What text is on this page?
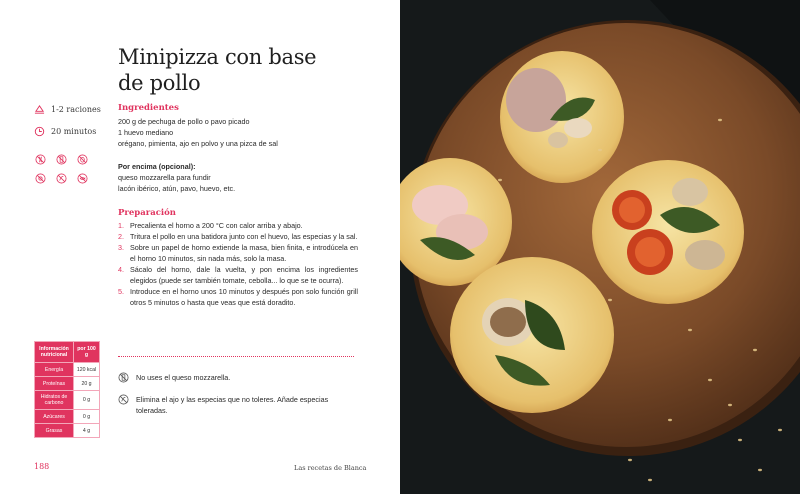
Minipizza con base
de pollo
1-2 raciones
20 minutos
Ingredientes
200 g de pechuga de pollo o pavo picado
1 huevo mediano
orégano, pimienta, ajo en polvo y una pizca de sal
Por encima (opcional):
queso mozzarella para fundir
lacón ibérico, atún, pavo, huevo, etc.
Preparación
1. Precalienta el horno a 200 °C con calor arriba y abajo.
2. Tritura el pollo en una batidora junto con el huevo, las especias y la sal.
3. Sobre un papel de horno extiende la masa, bien finita, e introdúcela en el horno 10 minutos, sin nada más, solo la masa.
4. Sácalo del horno, dale la vuelta, y pon encima los ingredientes elegidos (puede ser también tomate, cebolla... lo que se te ocurra).
5. Introduce en el horno unos 10 minutos y después pon solo función grill otros 5 minutos o hasta que veas que está doradito.
No uses el queso mozzarella.
Elimina el ajo y las especias que no toleres. Añade especias toleradas.
Información nutricional	por 100 g
Energía	120 kcal
Proteínas	20 g
Hidratos de carbono	0 g
Azúcares	0 g
Grasas	4 g
188	Las recetas de Blanca
